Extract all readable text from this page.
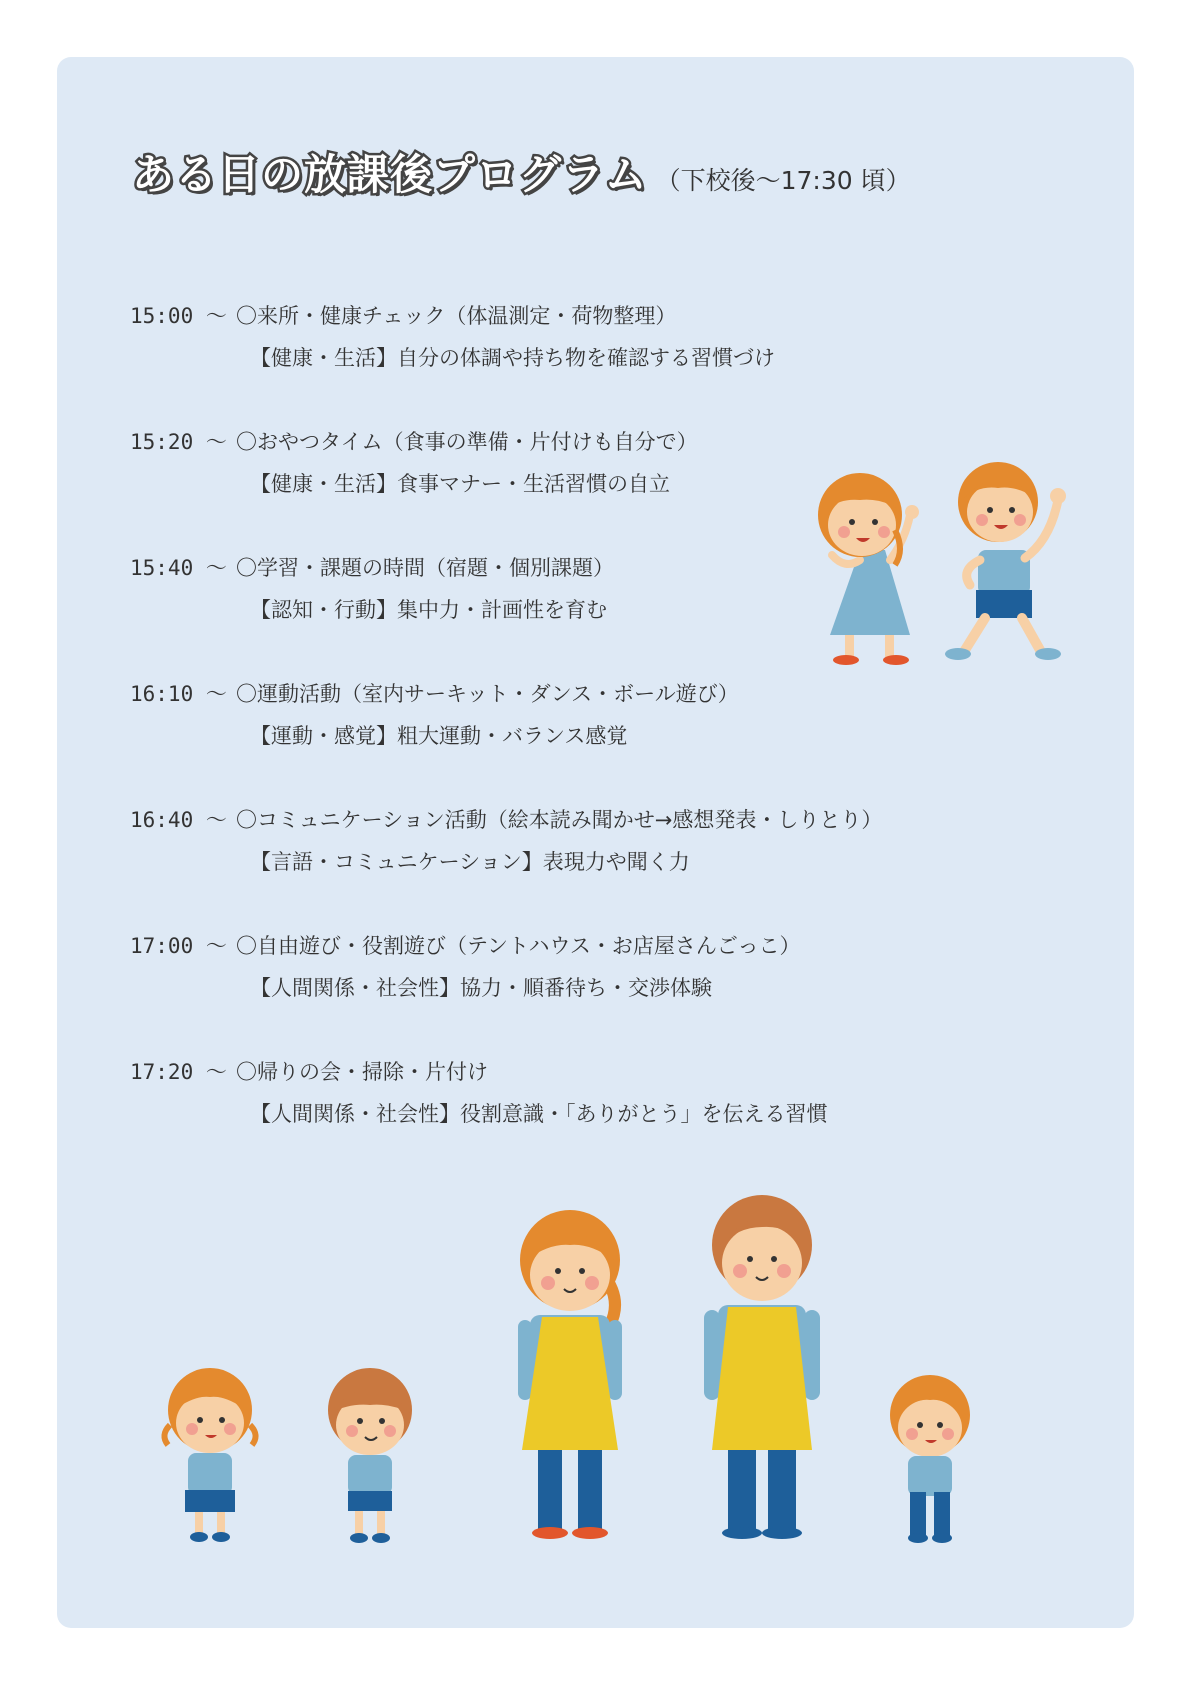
ある日の放課後プログラム （下校後〜17:30 頃）
15:00 〜 〇来所・健康チェック（体温測定・荷物整理）
【健康・生活】自分の体調や持ち物を確認する習慣づけ
15:20 〜 〇おやつタイム（食事の準備・片付けも自分で）
【健康・生活】食事マナー・生活習慣の自立
15:40 〜 〇学習・課題の時間（宿題・個別課題）
【認知・行動】集中力・計画性を育む
16:10 〜 〇運動活動（室内サーキット・ダンス・ボール遊び）
【運動・感覚】粗大運動・バランス感覚
16:40 〜 〇コミュニケーション活動（絵本読み聞かせ→感想発表・しりとり）
【言語・コミュニケーション】表現力や聞く力
17:00 〜 〇自由遊び・役割遊び（テントハウス・お店屋さんごっこ）
【人間関係・社会性】協力・順番待ち・交渉体験
17:20 〜 〇帰りの会・掃除・片付け
【人間関係・社会性】役割意識・「ありがとう」を伝える習慣
